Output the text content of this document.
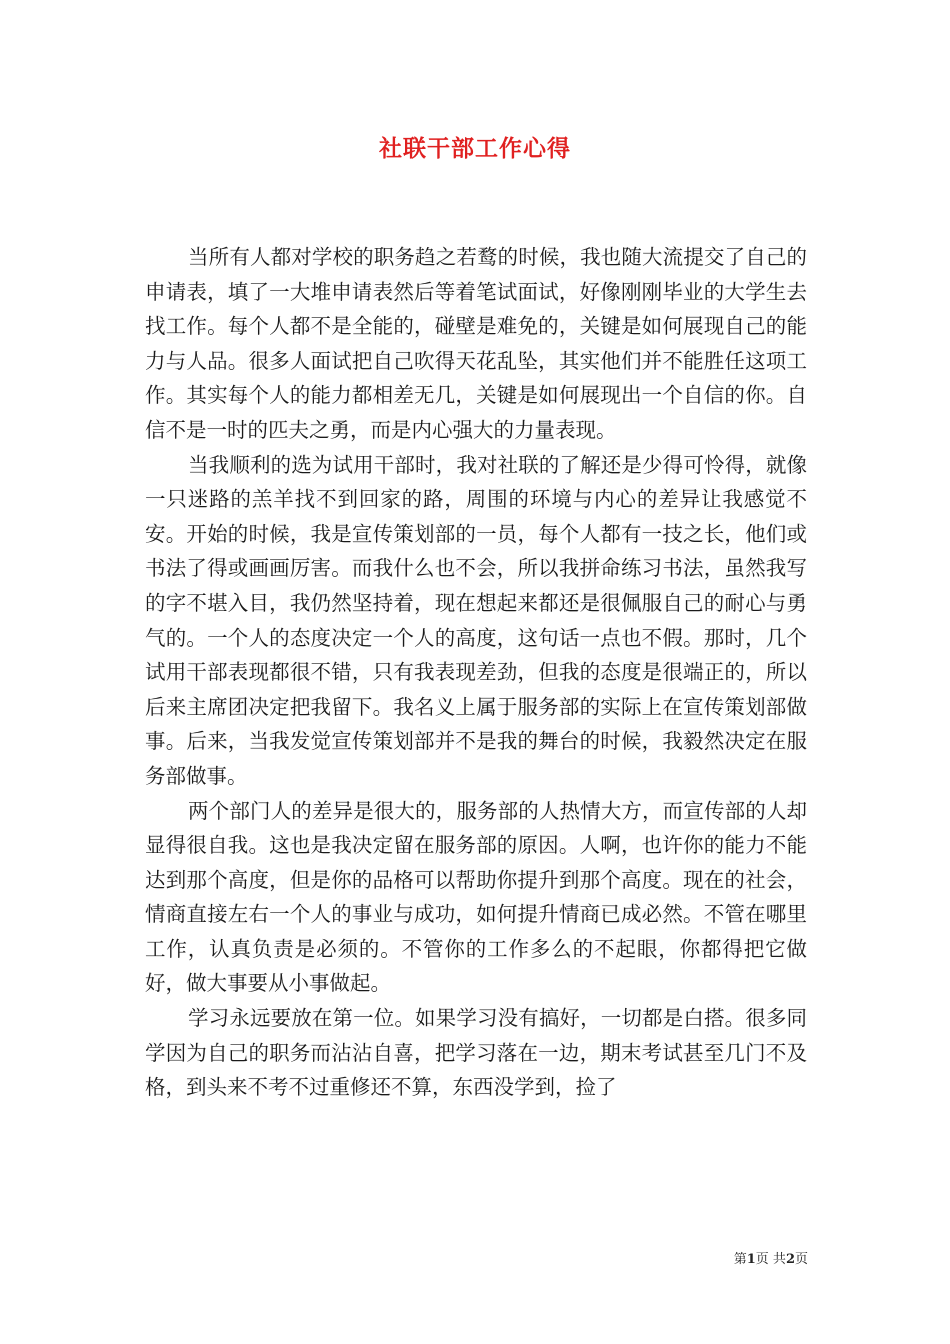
社联干部工作心得

当所有人都对学校的职务趋之若鹜的时候，我也随大流提交了自己的申请表，填了一大堆申请表然后等着笔试面试，好像刚刚毕业的大学生去找工作。每个人都不是全能的，碰壁是难免的，关键是如何展现自己的能力与人品。很多人面试把自己吹得天花乱坠，其实他们并不能胜任这项工作。其实每个人的能力都相差无几，关键是如何展现出一个自信的你。自信不是一时的匹夫之勇，而是内心强大的力量表现。

当我顺利的选为试用干部时，我对社联的了解还是少得可怜得，就像一只迷路的羔羊找不到回家的路，周围的环境与内心的差异让我感觉不安。开始的时候，我是宣传策划部的一员，每个人都有一技之长，他们或书法了得或画画厉害。而我什么也不会，所以我拼命练习书法，虽然我写的字不堪入目，我仍然坚持着，现在想起来都还是很佩服自己的耐心与勇气的。一个人的态度决定一个人的高度，这句话一点也不假。那时，几个试用干部表现都很不错，只有我表现差劲，但我的态度是很端正的，所以后来主席团决定把我留下。我名义上属于服务部的实际上在宣传策划部做事。后来，当我发觉宣传策划部并不是我的舞台的时候，我毅然决定在服务部做事。

两个部门人的差异是很大的，服务部的人热情大方，而宣传部的人却显得很自我。这也是我决定留在服务部的原因。人啊，也许你的能力不能达到那个高度，但是你的品格可以帮助你提升到那个高度。现在的社会，情商直接左右一个人的事业与成功，如何提升情商已成必然。不管在哪里工作，认真负责是必须的。不管你的工作多么的不起眼，你都得把它做好，做大事要从小事做起。

学习永远要放在第一位。如果学习没有搞好，一切都是白搭。很多同学因为自己的职务而沾沾自喜，把学习落在一边，期末考试甚至几门不及格，到头来不考不过重修还不算，东西没学到，捡了

第1页 共2页
